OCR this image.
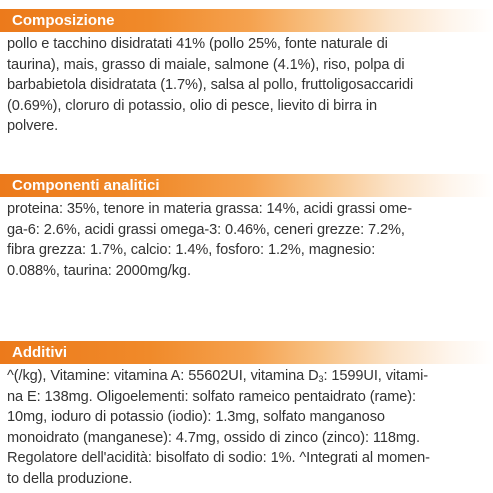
Composizione

pollo e tacchino disidratati 41% (pollo 25%, fonte naturale di
taurina), mais, grasso di maiale, salmone (4.1%), riso, polpa di
barbabietola disidratata (1.7%), salsa al pollo, fruttoligosaccaridi
(0.69%), cloruro di potassio, olio di pesce, lievito di birra in
polvere.

Componenti analitici

proteina: 35%, tenore in materia grassa: 14%, acidi grassi ome-
ga-6: 2.6%, acidi grassi omega-3: 0.46%, ceneri grezze: 7.2%,
fibra grezza: 1.7%, calcio: 1.4%, fosforo: 1.2%, magnesio:
0.088%, taurina: 2000mg/kg.

Additivi

^(/kg), Vitamine: vitamina A: 55602UI, vitamina $D_3$: 1599UI, vitami-
na E: 138mg. Oligoelementi: solfato rameico pentaidrato (rame):
10mg, ioduro di potassio (iodio): 1.3mg, solfato manganoso
monoidrato (manganese): 4.7mg, ossido di zinco (zinco): 118mg.
Regolatore dell'acidità: bisolfato di sodio: 1%. ^Integrati al momen-
to della produzione.
